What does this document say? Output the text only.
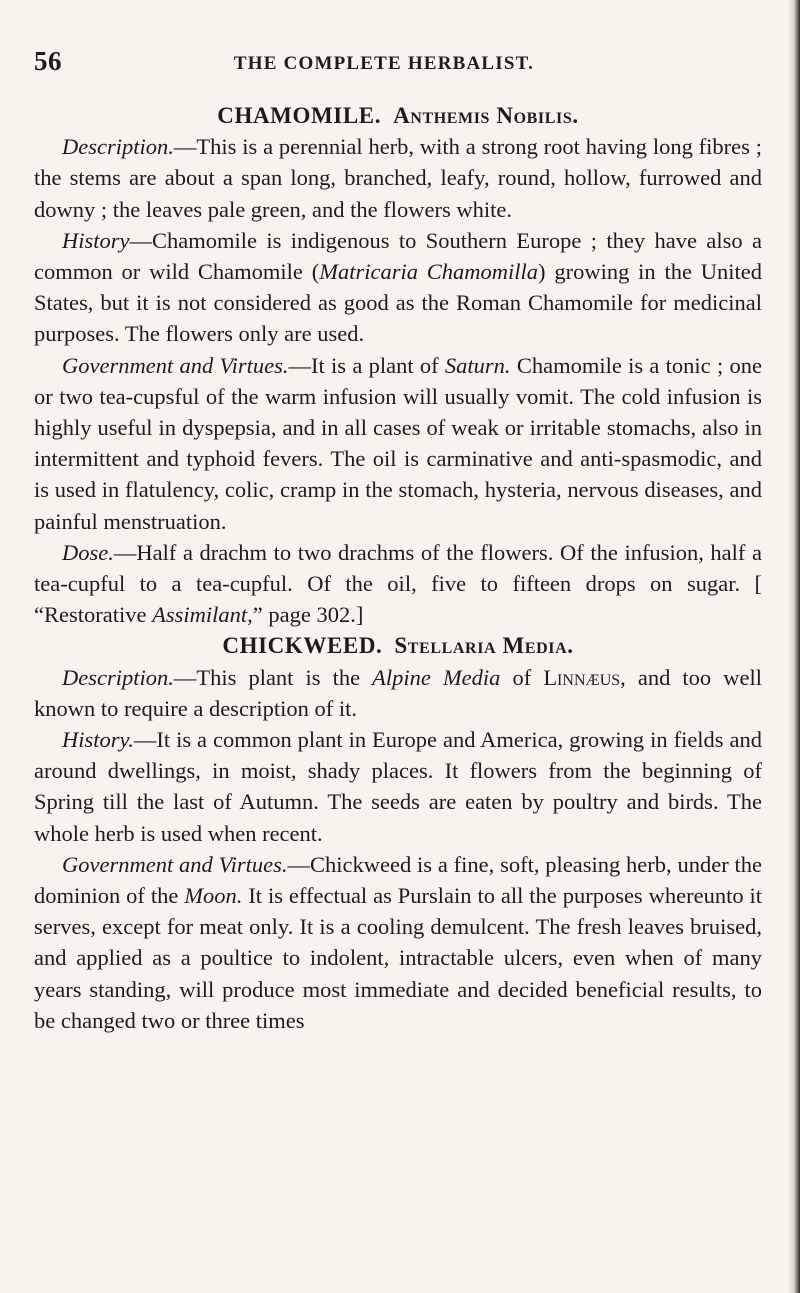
56	THE COMPLETE HERBALIST.
CHAMOMILE. Anthemis Nobilis.

Description.—This is a perennial herb, with a strong root having long fibres ; the stems are about a span long, branched, leafy, round, hollow, furrowed and downy ; the leaves pale green, and the flowers white.

History—Chamomile is indigenous to Southern Europe ; they have also a common or wild Chamomile (Matricaria Chamomilla) growing in the United States, but it is not considered as good as the Roman Chamomile for medicinal purposes. The flowers only are used.

Government and Virtues.—It is a plant of Saturn. Chamomile is a tonic ; one or two tea-cupsful of the warm infusion will usually vomit. The cold infusion is highly useful in dyspepsia, and in all cases of weak or irritable stomachs, also in intermittent and typhoid fevers. The oil is carminative and anti-spasmodic, and is used in flatulency, colic, cramp in the stomach, hysteria, nervous diseases, and painful menstruation.

Dose.—Half a drachm to two drachms of the flowers. Of the infusion, half a tea-cupful to a tea-cupful. Of the oil, five to fifteen drops on sugar. [ “Restorative Assimilant,” page 302.]

CHICKWEED. Stellaria Media.

Description.—This plant is the Alpine Media of Linnæus, and too well known to require a description of it.

History.—It is a common plant in Europe and America, growing in fields and around dwellings, in moist, shady places. It flowers from the beginning of Spring till the last of Autumn. The seeds are eaten by poultry and birds. The whole herb is used when recent.

Government and Virtues.—Chickweed is a fine, soft, pleasing herb, under the dominion of the Moon. It is effectual as Purslain to all the purposes whereunto it serves, except for meat only. It is a cooling demulcent. The fresh leaves bruised, and applied as a poultice to indolent, intractable ulcers, even when of many years standing, will produce most immediate and decided beneficial results, to be changed two or three times
